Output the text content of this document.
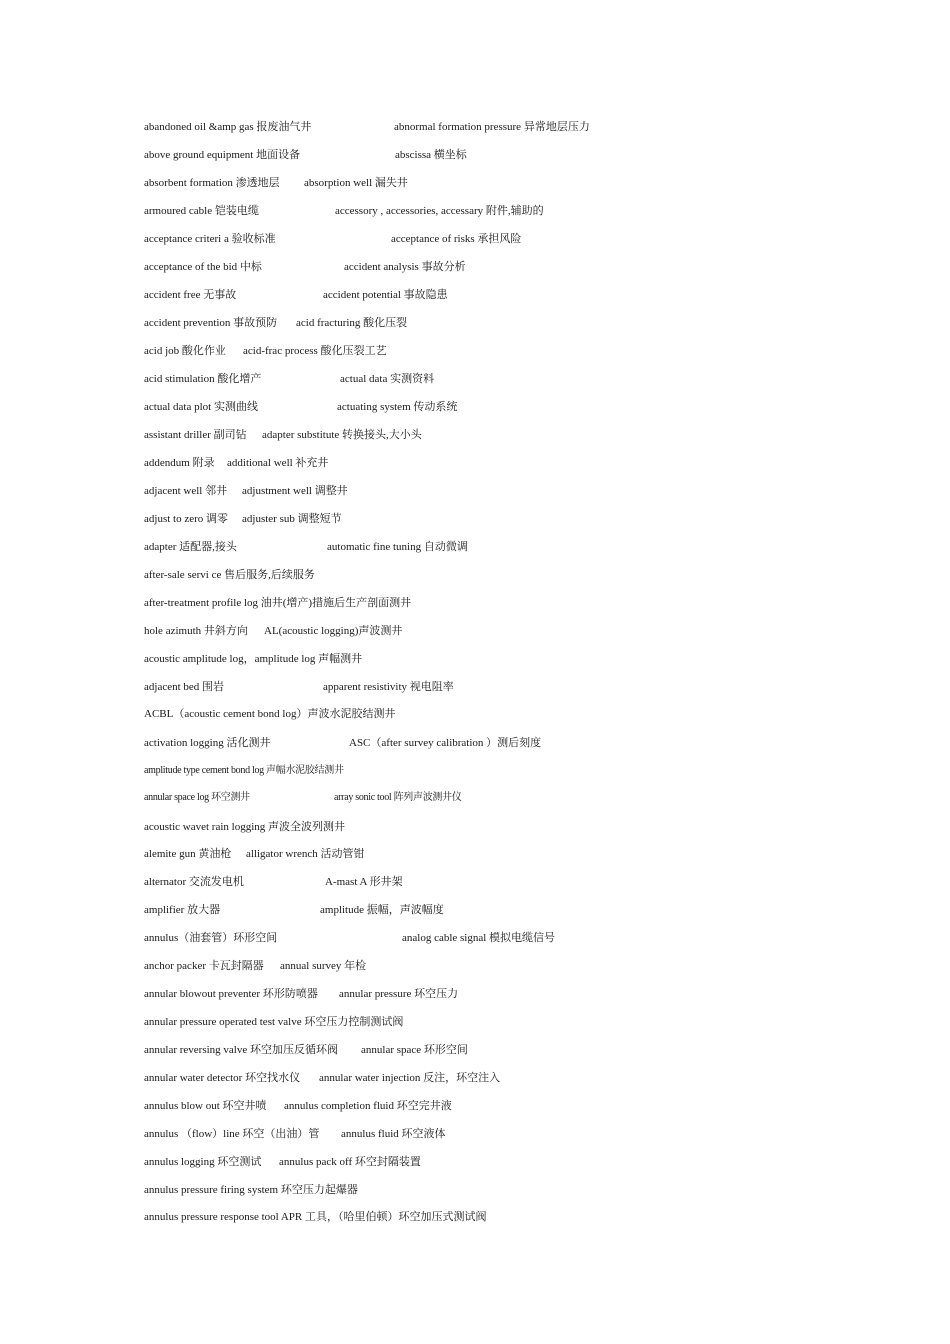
abandoned oil &amp gas 报废油气井	abnormal formation pressure 异常地层压力
above ground equipment 地面设备	abscissa 横坐标
absorbent formation 渗透地层 absorption well 漏失井
armoured cable 铠装电缆	accessory , accessories, accessary 附件,辅助的
acceptance criteri a 验收标准	acceptance of risks 承担风险
acceptance of the bid 中标	accident analysis 事故分析
accident free 无事故	accident potential 事故隐患
accident prevention 事故预防 acid fracturing 酸化压裂
acid job 酸化作业 acid-frac process 酸化压裂工艺
acid stimulation 酸化增产	actual data 实测资料
actual data plot 实测曲线	actuating system 传动系统
assistant driller 副司钻 adapter substitute 转换接头,大小头
addendum 附录 additional well 补充井
adjacent well 邻井 adjustment well 调整井
adjust to zero 调零 adjuster sub 调整短节
adapter 适配器,接头	automatic fine tuning 自动微调
after-sale servi ce 售后服务,后续服务
after-treatment profile log 油井(增产)措施后生产剖面测井
hole azimuth 井斜方向 AL(acoustic logging)声波测井
acoustic amplitude log，amplitude log 声幅测井
adjacent bed 围岩	apparent resistivity 视电阻率
ACBL（acoustic cement bond log）声波水泥胶结测井
activation logging 活化测井	ASC（after survey calibration ）测后刻度
amplitude type cement bond log 声幅水泥胶结测井
annular space log 环空测井	array sonic tool 阵列声波测井仪
acoustic wavet rain logging 声波全波列测井
alemite gun 黄油枪 alligator wrench 活动管钳
alternator 交流发电机	A-mast A 形井架
amplifier 放大器	amplitude 振幅，声波幅度
annulus（油套管）环形空间	analog cable signal 模拟电缆信号
anchor packer 卡瓦封隔器 annual survey 年检
annular blowout preventer 环形防喷器 annular pressure 环空压力
annular pressure operated test valve 环空压力控制测试阀
annular reversing valve 环空加压反循环阀 annular space 环形空间
annular water detector 环空找水仪 annular water injection 反注，环空注入
annulus blow out 环空井喷 annulus completion fluid 环空完井液
annulus （flow）line 环空（出油）管 annulus fluid 环空液体
annulus logging 环空测试 annulus pack off 环空封隔装置
annulus pressure firing system 环空压力起爆器
annulus pressure response tool APR 工具，（哈里伯顿）环空加压式测试阀
